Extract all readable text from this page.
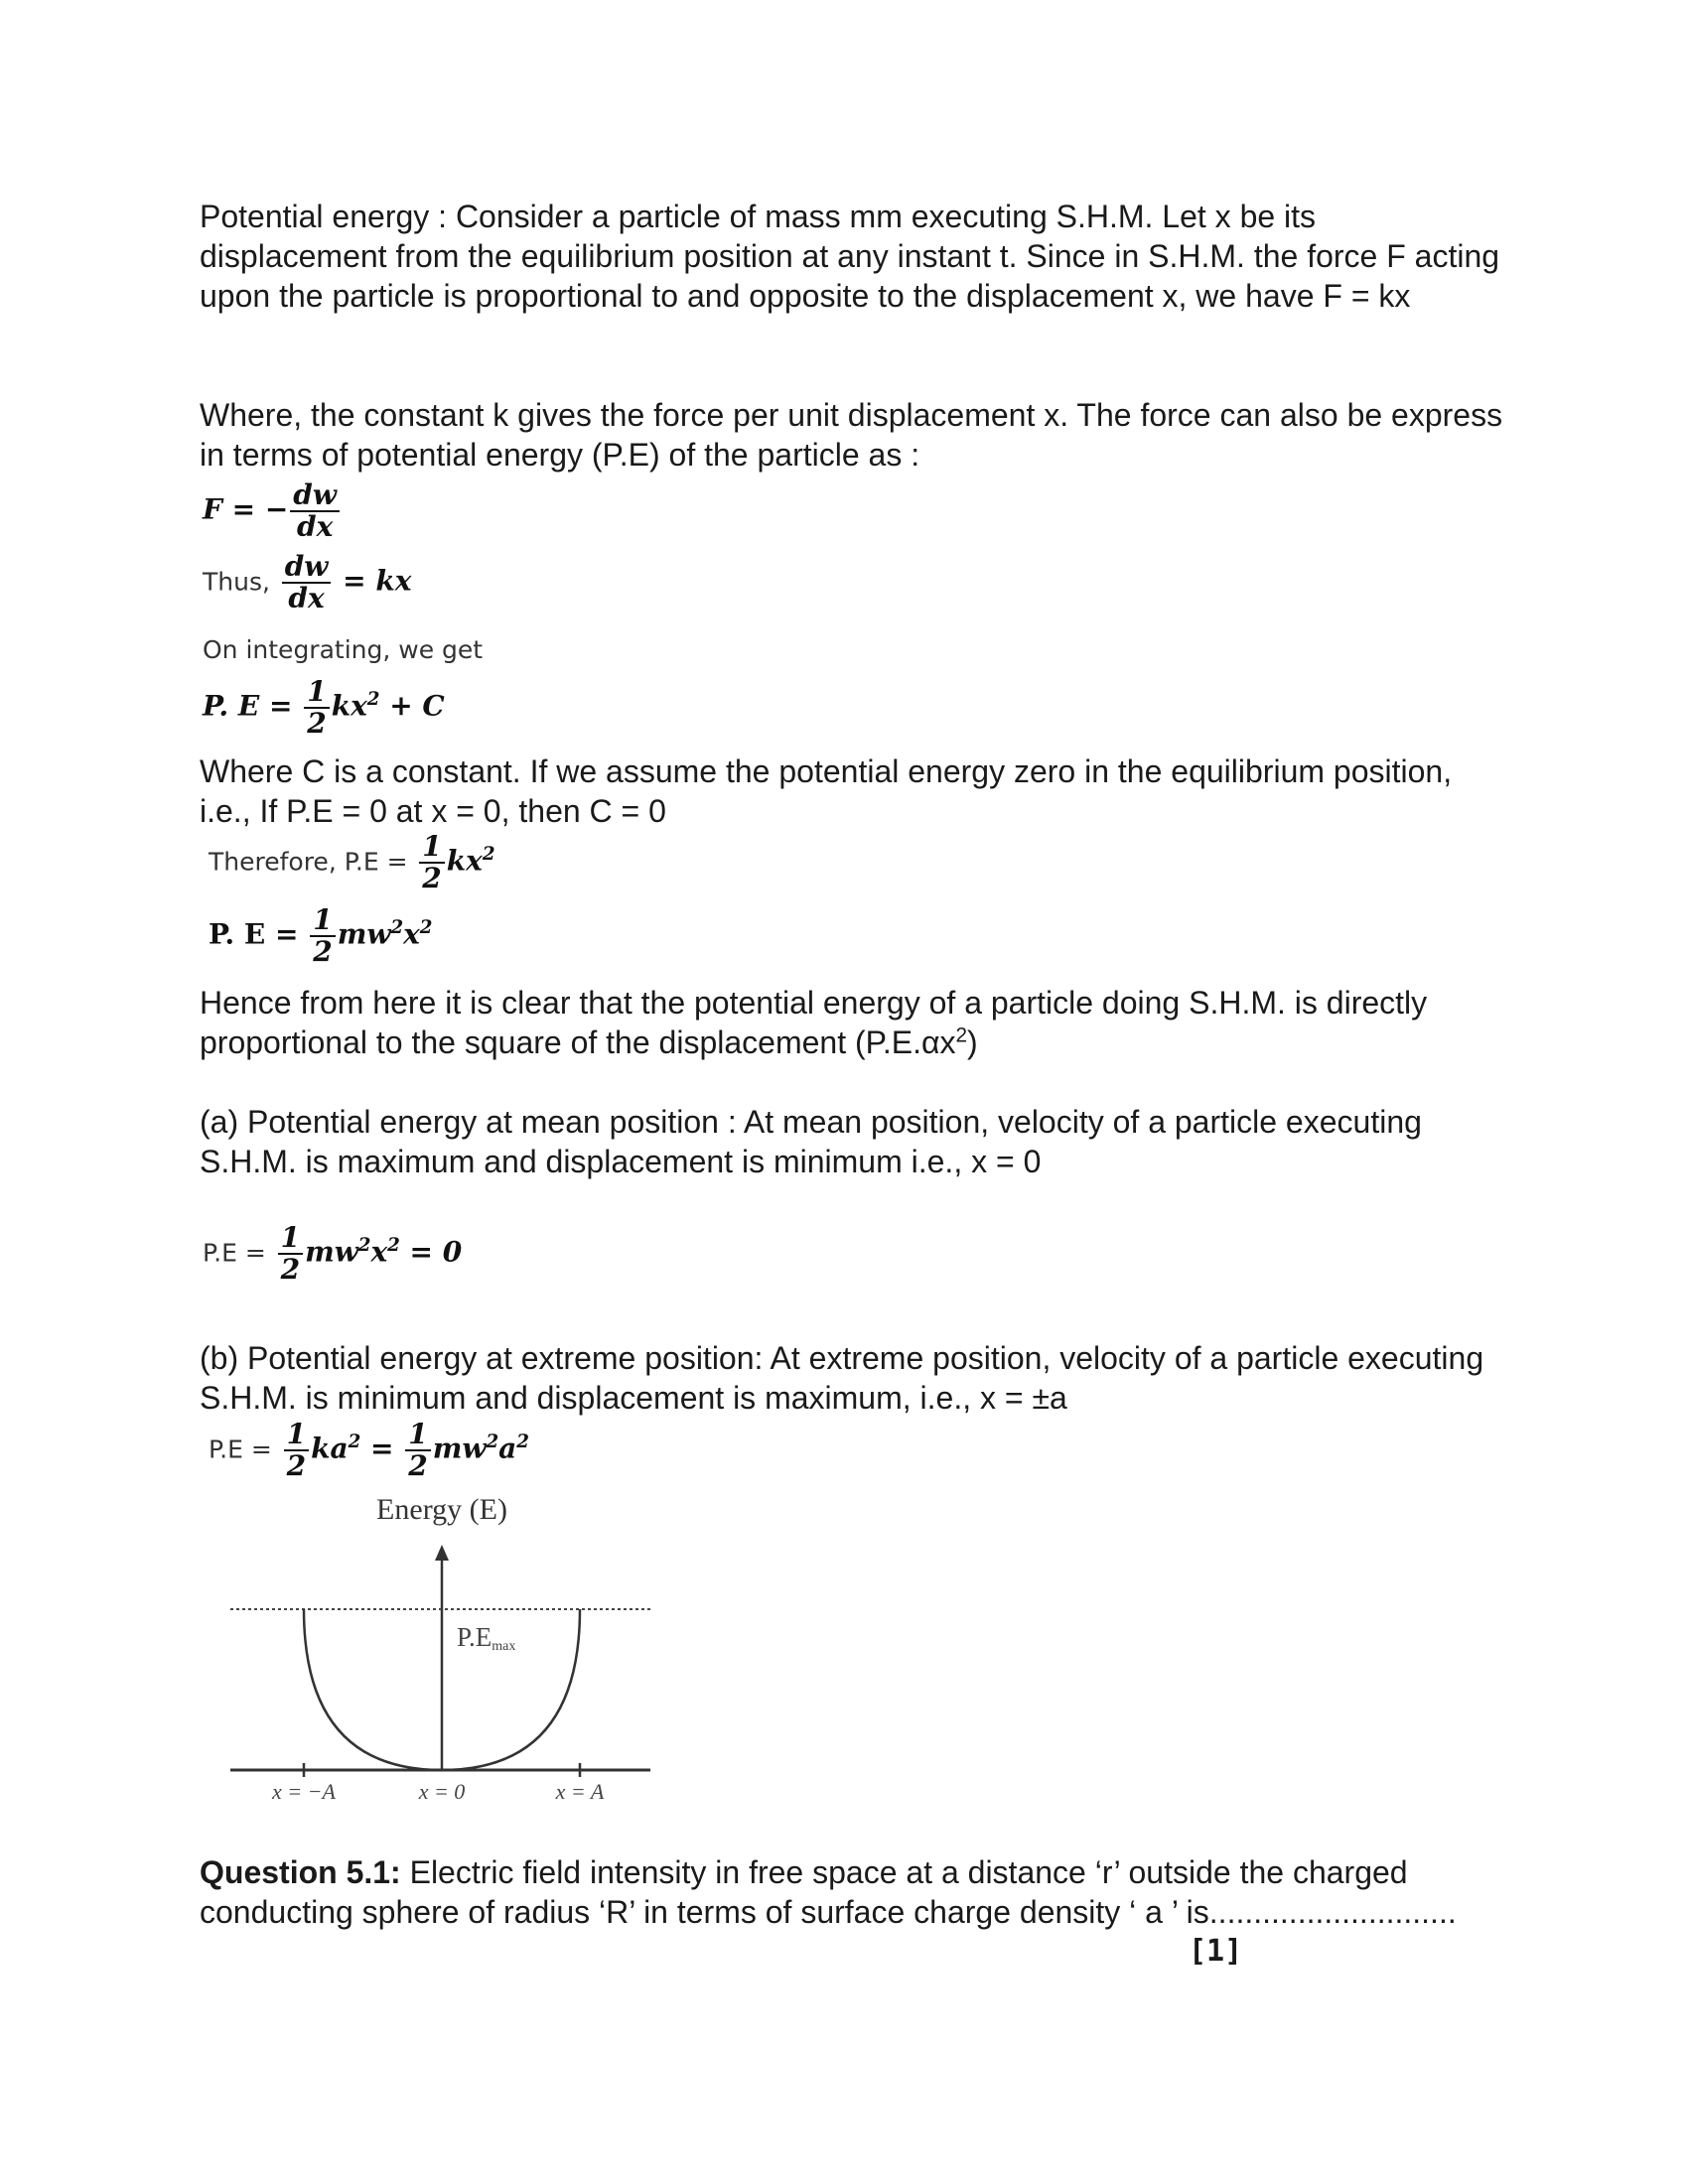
Potential energy : Consider a particle of mass mm executing S.H.M. Let x be its displacement from the equilibrium position at any instant t. Since in S.H.M. the force F acting upon the particle is proportional to and opposite to the displacement x, we have F = kx
Where, the constant k gives the force per unit displacement x. The force can also be express in terms of potential energy (P.E) of the particle as :
F = − $\frac{dw}{dx}$
Thus, $\frac{dw}{dx}$ = kx
On integrating, we get
P. $E = \frac{1}{2} kx^2 + C$
Where C is a constant. If we assume the potential energy zero in the equilibrium position, i.e., If P.E = 0 at x = 0, then C = 0
Therefore, $P.E = \frac{1}{2} kx^2$
P. $E = \frac{1}{2} mw^2x^2$
Hence from here it is clear that the potential energy of a particle doing S.H.M. is directly proportional to the square of the displacement $(P.E.\alpha x^2)$
(a) Potential energy at mean position : At mean position, velocity of a particle executing S.H.M. is maximum and displacement is minimum i.e., x = 0
$P.E = \frac{1}{2} mw^2x^2 = 0$
(b) Potential energy at extreme position: At extreme position, velocity of a particle executing S.H.M. is minimum and displacement is maximum, i.e., x = ±a
$P.E = \frac{1}{2} ka^2 = \frac{1}{2} mw^2a^2$
Energy (E)
P.Emax
x = −A	x = 0	x = A
Question 5.1: Electric field intensity in free space at a distance ‘r’ outside the charged conducting sphere of radius ‘R’ in terms of surface charge density ‘ a ’ is............................
[1]
